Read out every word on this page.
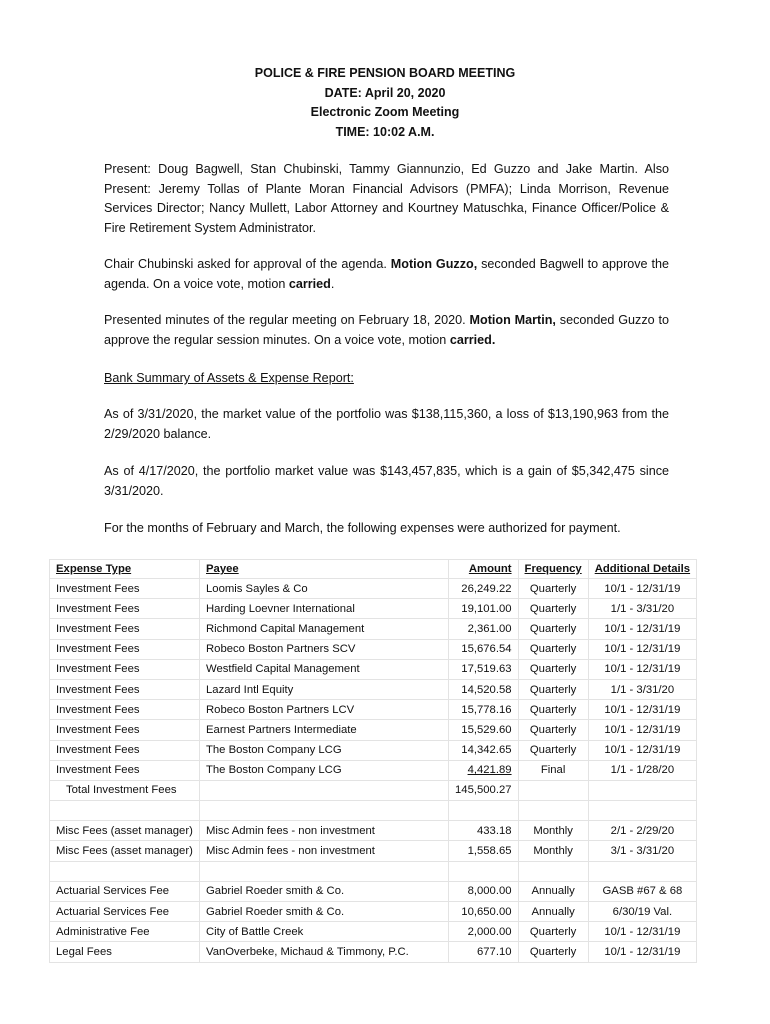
POLICE & FIRE PENSION BOARD MEETING
DATE: April 20, 2020
Electronic Zoom Meeting
TIME: 10:02 A.M.
Present: Doug Bagwell, Stan Chubinski, Tammy Giannunzio, Ed Guzzo and Jake Martin. Also Present: Jeremy Tollas of Plante Moran Financial Advisors (PMFA); Linda Morrison, Revenue Services Director; Nancy Mullett, Labor Attorney and Kourtney Matuschka, Finance Officer/Police & Fire Retirement System Administrator.
Chair Chubinski asked for approval of the agenda. Motion Guzzo, seconded Bagwell to approve the agenda. On a voice vote, motion carried.
Presented minutes of the regular meeting on February 18, 2020. Motion Martin, seconded Guzzo to approve the regular session minutes. On a voice vote, motion carried.
Bank Summary of Assets & Expense Report:
As of 3/31/2020, the market value of the portfolio was $138,115,360, a loss of $13,190,963 from the 2/29/2020 balance.
As of 4/17/2020, the portfolio market value was $143,457,835, which is a gain of $5,342,475 since 3/31/2020.
For the months of February and March, the following expenses were authorized for payment.
Expense Type	Payee	Amount	Frequency	Additional Details
Investment Fees	Loomis Sayles & Co	26,249.22	Quarterly	10/1 - 12/31/19
Investment Fees	Harding Loevner International	19,101.00	Quarterly	1/1 - 3/31/20
Investment Fees	Richmond Capital Management	2,361.00	Quarterly	10/1 - 12/31/19
Investment Fees	Robeco Boston Partners SCV	15,676.54	Quarterly	10/1 - 12/31/19
Investment Fees	Westfield Capital Management	17,519.63	Quarterly	10/1 - 12/31/19
Investment Fees	Lazard Intl Equity	14,520.58	Quarterly	1/1 - 3/31/20
Investment Fees	Robeco Boston Partners LCV	15,778.16	Quarterly	10/1 - 12/31/19
Investment Fees	Earnest Partners Intermediate	15,529.60	Quarterly	10/1 - 12/31/19
Investment Fees	The Boston Company LCG	14,342.65	Quarterly	10/1 - 12/31/19
Investment Fees	The Boston Company LCG	4,421.89	Final	1/1 - 1/28/20
Total Investment Fees		145,500.27		

Misc Fees (asset manager)	Misc Admin fees - non investment	433.18	Monthly	2/1 - 2/29/20
Misc Fees (asset manager)	Misc Admin fees - non investment	1,558.65	Monthly	3/1 - 3/31/20

Actuarial Services Fee	Gabriel Roeder smith & Co.	8,000.00	Annually	GASB #67 & 68
Actuarial Services Fee	Gabriel Roeder smith & Co.	10,650.00	Annually	6/30/19 Val.
Administrative Fee	City of Battle Creek	2,000.00	Quarterly	10/1 - 12/31/19
Legal Fees	VanOverbeke, Michaud & Timmony, P.C.	677.10	Quarterly	10/1 - 12/31/19
